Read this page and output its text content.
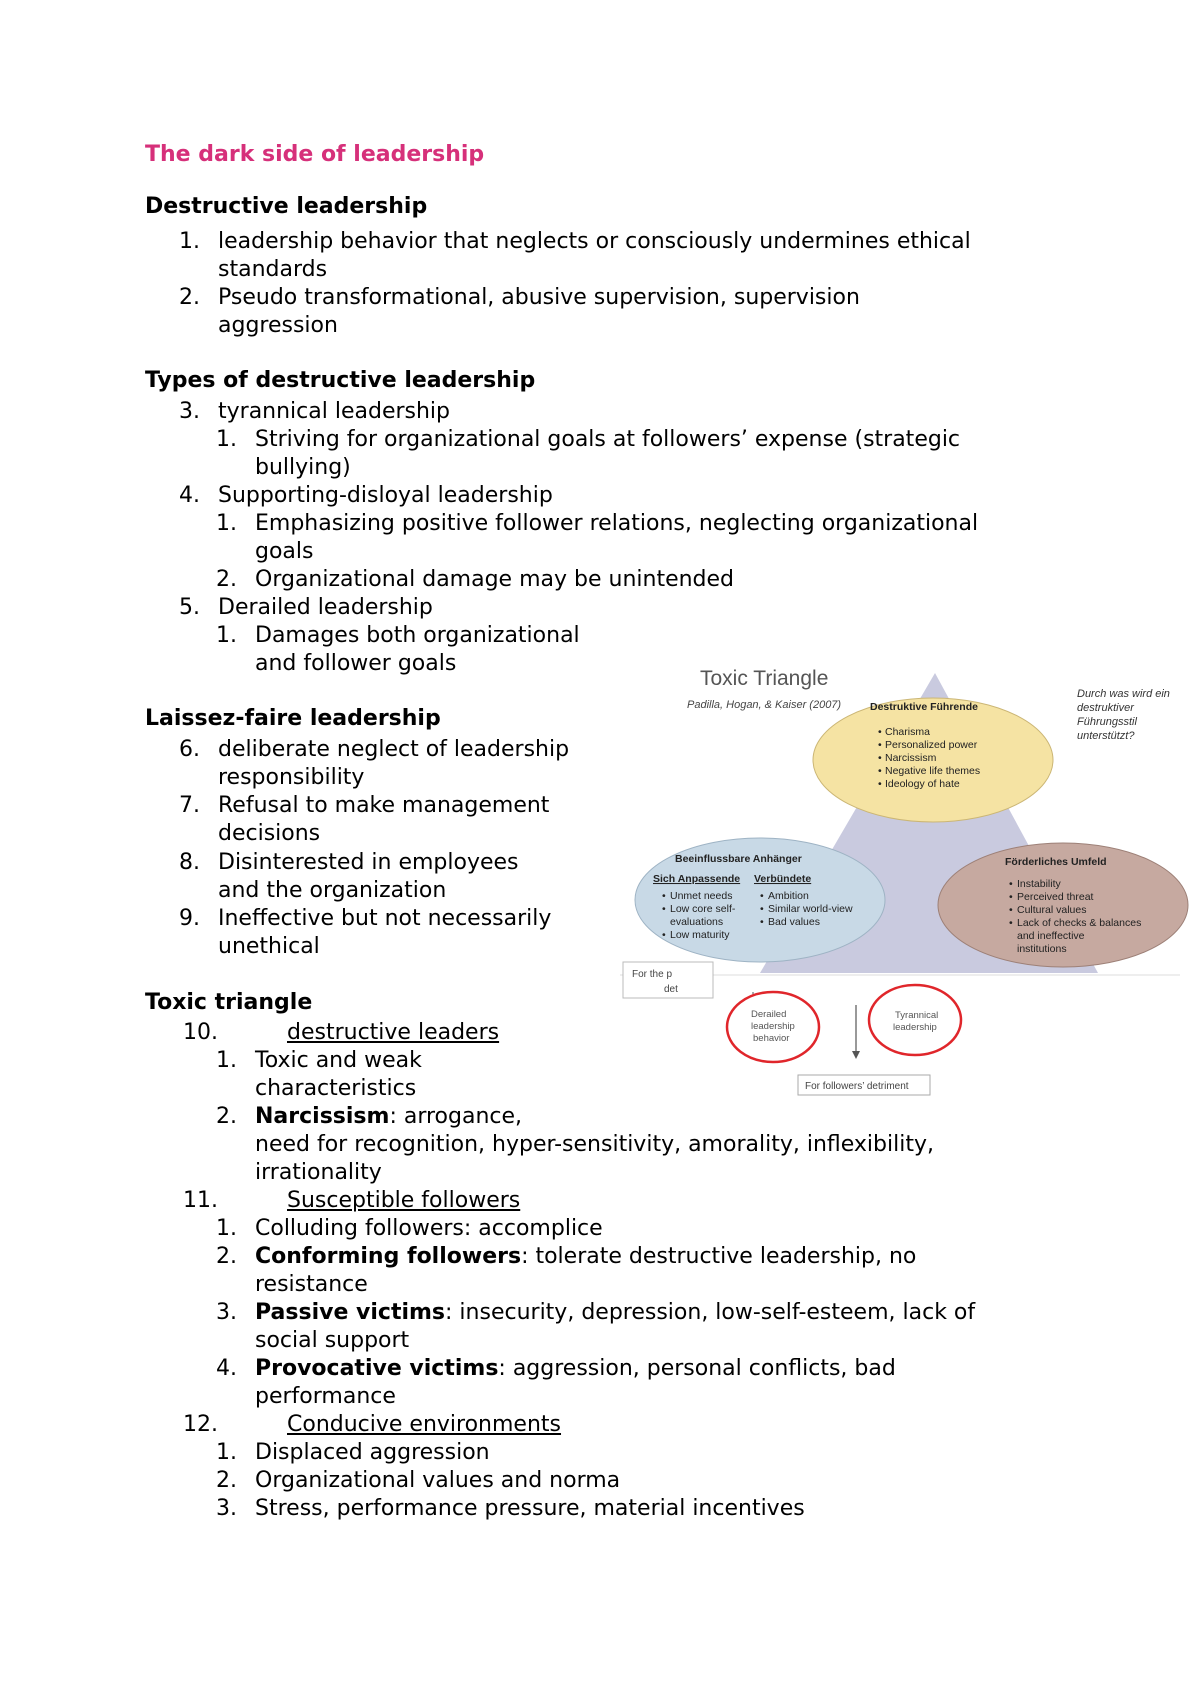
The dark side of leadership
Destructive leadership
1. leadership behavior that neglects or consciously undermines ethical
standards
2. Pseudo transformational, abusive supervision, supervision
aggression
Types of destructive leadership
3. tyrannical leadership
1. Striving for organizational goals at followers’ expense (strategic
bullying)
4. Supporting-disloyal leadership
1. Emphasizing positive follower relations, neglecting organizational
goals
2. Organizational damage may be unintended
5. Derailed leadership
1. Damages both organizational
and follower goals
Laissez-faire leadership
6. deliberate neglect of leadership
responsibility
7. Refusal to make management
decisions
8. Disinterested in employees
and the organization
9. Ineffective but not necessarily
unethical
Toxic triangle
10.	destructive leaders
1. Toxic and weak
characteristics
2. Narcissism: arrogance,
need for recognition, hyper-sensitivity, amorality, inflexibility,
irrationality
11.	Susceptible followers
1. Colluding followers: accomplice
2. Conforming followers: tolerate destructive leadership, no
resistance
3. Passive victims: insecurity, depression, low-self-esteem, lack of
social support
4. Provocative victims: aggression, personal conflicts, bad
performance
12.	Conducive environments
1. Displaced aggression
2. Organizational values and norma
3. Stress, performance pressure, material incentives
Toxic Triangle
Padilla, Hogan, & Kaiser (2007)
Durch was wird ein
destruktiver
Führungsstil
unterstützt?
Destruktive Führende
Charisma
Personalized power
Narcissism
Negative life themes
Ideology of hate
•
•
•
•
•
Beeinflussbare Anhänger
Sich Anpassende
Unmet needs
Low core self-
evaluations
Low maturity
•
•
•
Verbündete
Ambition
Similar world-view
Bad values
•
•
•
Förderliches Umfeld
Instability
Perceived threat
Cultural values
Lack of checks & balances
and ineffective
institutions
•
•
•
•
For the p
det
Derailed
leadership
behavior
Tyrannical
leadership
For followers’ detriment
